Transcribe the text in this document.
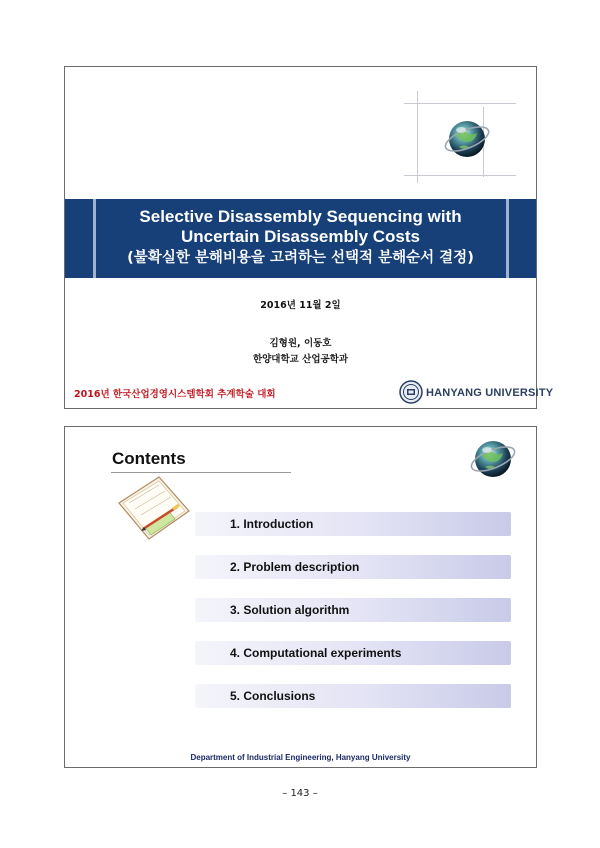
Selective Disassembly Sequencing with
Uncertain Disassembly Costs
(불확실한 분해비용을 고려하는 선택적 분해순서 결정)
2016년 11월 2일
김형원, 이동호
한양대학교 산업공학과
2016년 한국산업경영시스템학회 추계학술 대회	HANYANG UNIVERSITY
Contents
1. Introduction
2. Problem description
3. Solution algorithm
4. Computational experiments
5. Conclusions
Department of Industrial Engineering, Hanyang University
– 143 –
